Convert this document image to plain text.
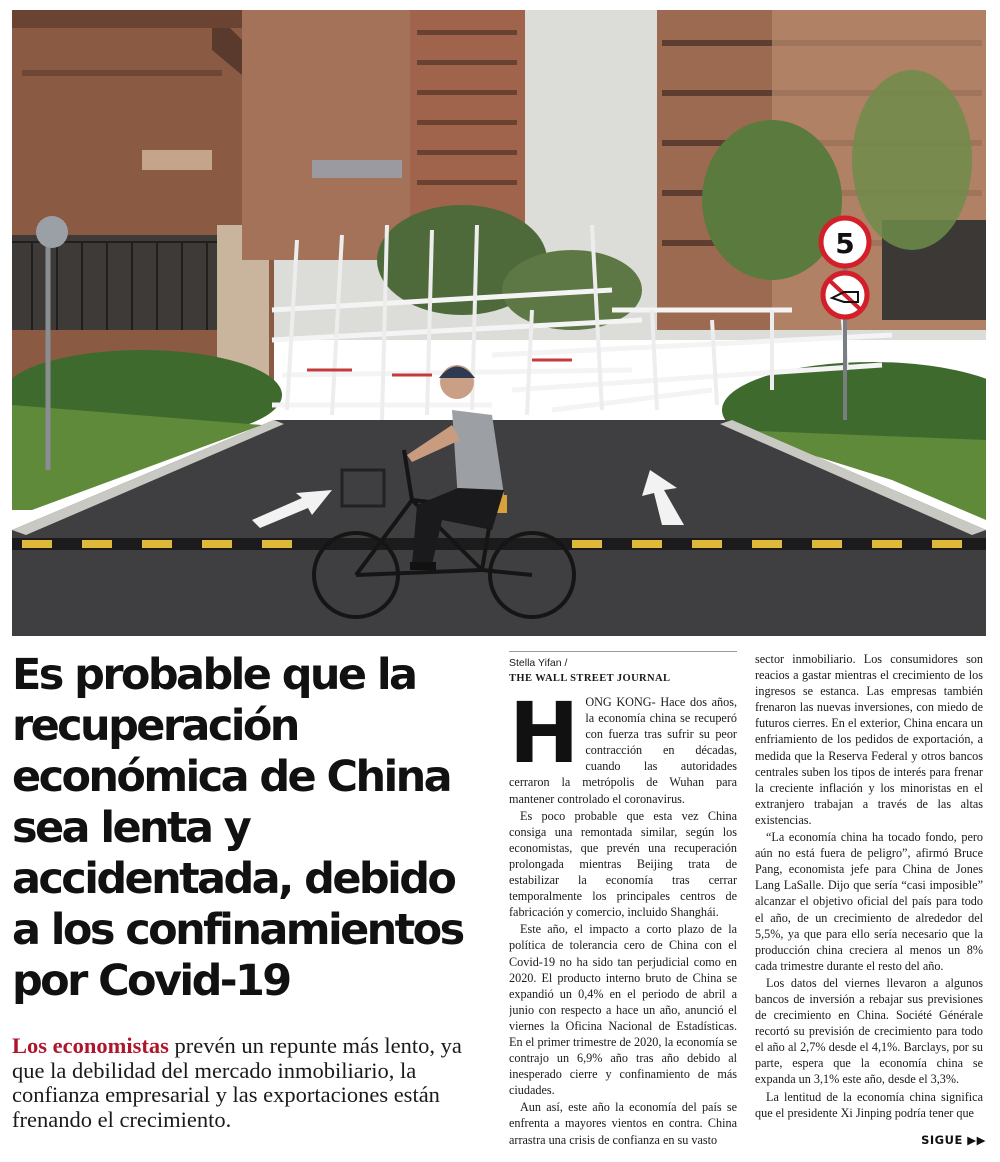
5
Es probable que la recuperación económica de China sea lenta y accidentada, debido a los confinamientos por Covid-19

Los economistas prevén un repunte más lento, ya que la debilidad del mercado inmobiliario, la confianza empresarial y las exportaciones están frenando el crecimiento.

Stella Yifan /
THE WALL STREET JOURNAL

HONG KONG- Hace dos años, la economía china se recuperó con fuerza tras sufrir su peor contracción en décadas, cuando las autoridades cerraron la metrópolis de Wuhan para mantener controlado el coronavirus.

Es poco probable que esta vez China consiga una remontada similar, según los economistas, que prevén una recuperación prolongada mientras Beijing trata de estabilizar la economía tras cerrar temporalmente los principales centros de fabricación y comercio, incluido Shanghái.

Este año, el impacto a corto plazo de la política de tolerancia cero de China con el Covid-19 no ha sido tan perjudicial como en 2020. El producto interno bruto de China se expandió un 0,4% en el periodo de abril a junio con respecto a hace un año, anunció el viernes la Oficina Nacional de Estadísticas. En el primer trimestre de 2020, la economía se contrajo un 6,9% año tras año debido al inesperado cierre y confinamiento de más ciudades.

Aun así, este año la economía del país se enfrenta a mayores vientos en contra. China arrastra una crisis de confianza en su vasto

sector inmobiliario. Los consumidores son reacios a gastar mientras el crecimiento de los ingresos se estanca. Las empresas también frenaron las nuevas inversiones, con miedo de futuros cierres. En el exterior, China encara un enfriamiento de los pedidos de exportación, a medida que la Reserva Federal y otros bancos centrales suben los tipos de interés para frenar la creciente inflación y los minoristas en el extranjero trabajan a través de las altas existencias.

“La economía china ha tocado fondo, pero aún no está fuera de peligro”, afirmó Bruce Pang, economista jefe para China de Jones Lang LaSalle. Dijo que sería “casi imposible” alcanzar el objetivo oficial del país para todo el año, de un crecimiento de alrededor del 5,5%, ya que para ello sería necesario que la producción china creciera al menos un 8% cada trimestre durante el resto del año.

Los datos del viernes llevaron a algunos bancos de inversión a rebajar sus previsiones de crecimiento en China. Société Générale recortó su previsión de crecimiento para todo el año al 2,7% desde el 4,1%. Barclays, por su parte, espera que la economía china se expanda un 3,1% este año, desde el 3,3%.

La lentitud de la economía china significa que el presidente Xi Jinping podría tener que

SIGUE ▶▶
